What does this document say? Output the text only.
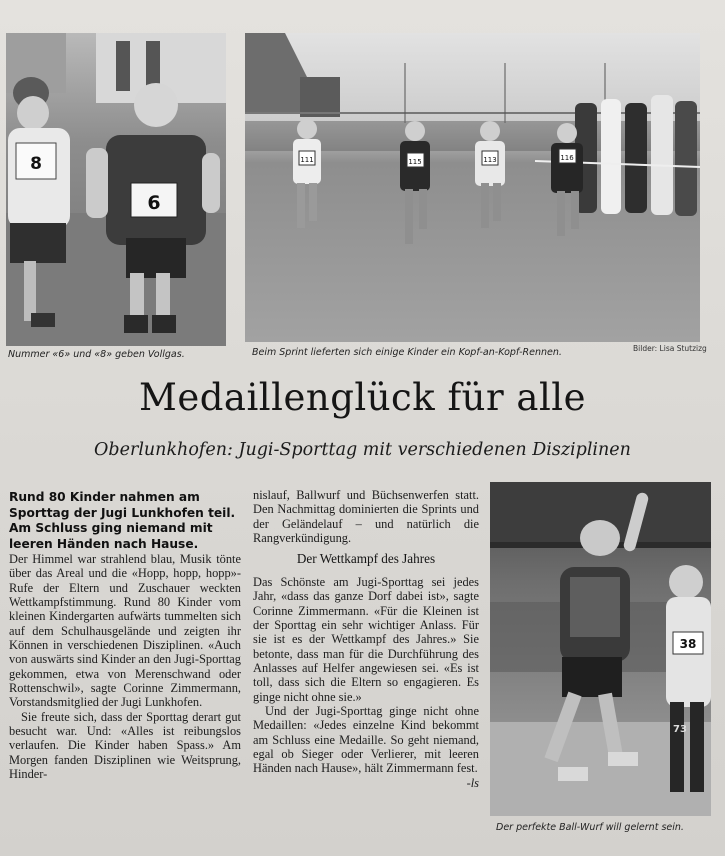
8
6
Nummer «6» und «8» geben Vollgas.
111	115	113	116
Beim Sprint lieferten sich einige Kinder ein Kopf-an-Kopf-Rennen.	Bilder: Lisa Stutzizg
Medaillenglück für alle
Oberlunkhofen: Jugi-Sporttag mit verschiedenen Disziplinen

Rund 80 Kinder nahmen am Sporttag der Jugi Lunkhofen teil. Am Schluss ging niemand mit leeren Händen nach Hause.

Der Himmel war strahlend blau, Musik tönte über das Areal und die «Hopp, hopp, hopp»-Rufe der Eltern und Zuschauer weckten Wettkampfstimmung. Rund 80 Kinder vom kleinen Kindergarten aufwärts tummelten sich auf dem Schulhausgelände und zeigten ihr Können in verschiedenen Disziplinen. «Auch von auswärts sind Kinder an den Jugi-Sporttag gekommen, etwa von Merenschwand oder Rottenschwil», sagte Corinne Zimmermann, Vorstandsmitglied der Jugi Lunkhofen.

Sie freute sich, dass der Sporttag derart gut besucht war. Und: «Alles ist reibungslos verlaufen. Die Kinder haben Spass.» Am Morgen fanden Disziplinen wie Weitsprung, Hinder-

nislauf, Ballwurf und Büchsenwerfen statt. Den Nachmittag dominierten die Sprints und der Geländelauf – und natürlich die Rangverkündigung.

Der Wettkampf des Jahres

Das Schönste am Jugi-Sporttag sei jedes Jahr, «dass das ganze Dorf dabei ist», sagte Corinne Zimmermann. «Für die Kleinen ist der Sporttag ein sehr wichtiger Anlass. Für sie ist es der Wettkampf des Jahres.» Sie betonte, dass man für die Durchführung des Anlasses auf Helfer angewiesen sei. «Es ist toll, dass sich die Eltern so engagieren. Es ginge nicht ohne sie.»

Und der Jugi-Sporttag ginge nicht ohne Medaillen: «Jedes einzelne Kind bekommt am Schluss eine Medaille. So geht niemand, egal ob Sieger oder Verlierer, mit leeren Händen nach Hause», hält Zimmermann fest.
-ls

38
73
Der perfekte Ball-Wurf will gelernt sein.
